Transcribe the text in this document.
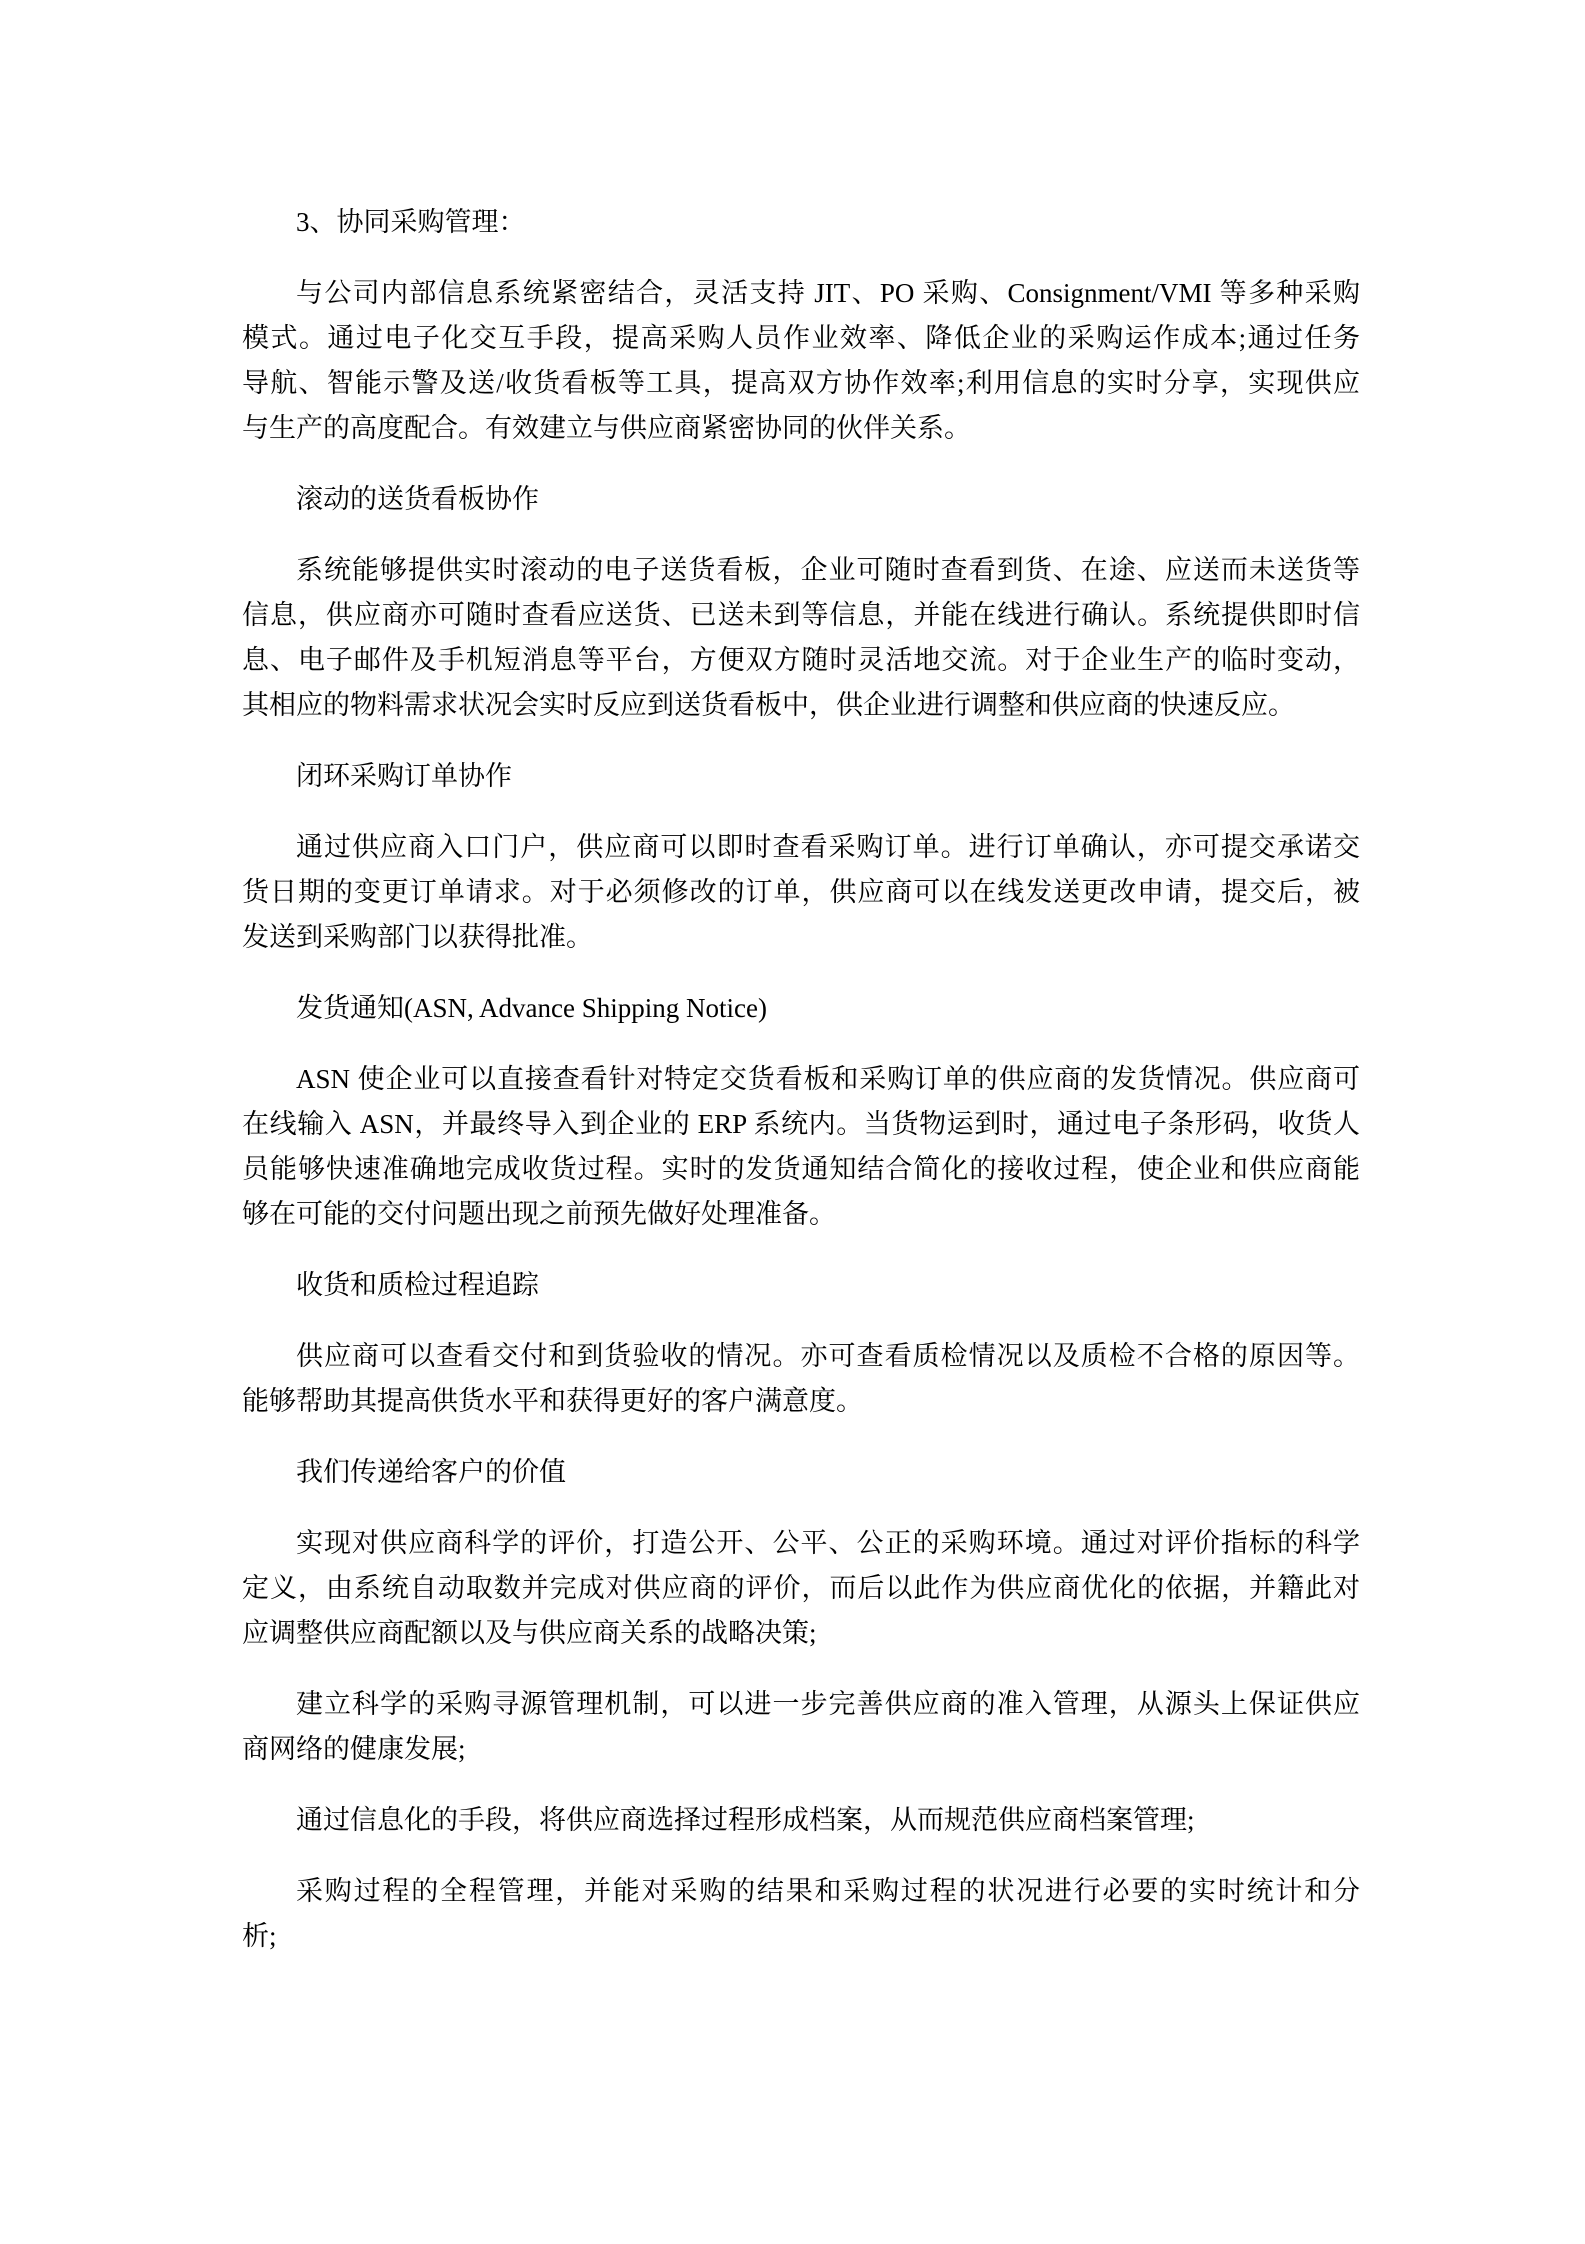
3、协同采购管理：
与公司内部信息系统紧密结合，灵活支持 JIT、PO 采购、Consignment/VMI 等多种采购
模式。通过电子化交互手段，提高采购人员作业效率、降低企业的采购运作成本;通过任务
导航、智能示警及送/收货看板等工具，提高双方协作效率;利用信息的实时分享，实现供应
与生产的高度配合。有效建立与供应商紧密协同的伙伴关系。
滚动的送货看板协作
系统能够提供实时滚动的电子送货看板，企业可随时查看到货、在途、应送而未送货等
信息，供应商亦可随时查看应送货、已送未到等信息，并能在线进行确认。系统提供即时信
息、电子邮件及手机短消息等平台，方便双方随时灵活地交流。对于企业生产的临时变动，
其相应的物料需求状况会实时反应到送货看板中，供企业进行调整和供应商的快速反应。
闭环采购订单协作
通过供应商入口门户，供应商可以即时查看采购订单。进行订单确认，亦可提交承诺交
货日期的变更订单请求。对于必须修改的订单，供应商可以在线发送更改申请，提交后，被
发送到采购部门以获得批准。
发货通知(ASN, Advance Shipping Notice)
ASN 使企业可以直接查看针对特定交货看板和采购订单的供应商的发货情况。供应商可
在线输入 ASN，并最终导入到企业的 ERP 系统内。当货物运到时，通过电子条形码，收货人
员能够快速准确地完成收货过程。实时的发货通知结合简化的接收过程，使企业和供应商能
够在可能的交付问题出现之前预先做好处理准备。
收货和质检过程追踪
供应商可以查看交付和到货验收的情况。亦可查看质检情况以及质检不合格的原因等。
能够帮助其提高供货水平和获得更好的客户满意度。
我们传递给客户的价值
实现对供应商科学的评价，打造公开、公平、公正的采购环境。通过对评价指标的科学
定义，由系统自动取数并完成对供应商的评价，而后以此作为供应商优化的依据，并籍此对
应调整供应商配额以及与供应商关系的战略决策;
建立科学的采购寻源管理机制，可以进一步完善供应商的准入管理，从源头上保证供应
商网络的健康发展;
通过信息化的手段，将供应商选择过程形成档案，从而规范供应商档案管理;
采购过程的全程管理，并能对采购的结果和采购过程的状况进行必要的实时统计和分
析;
